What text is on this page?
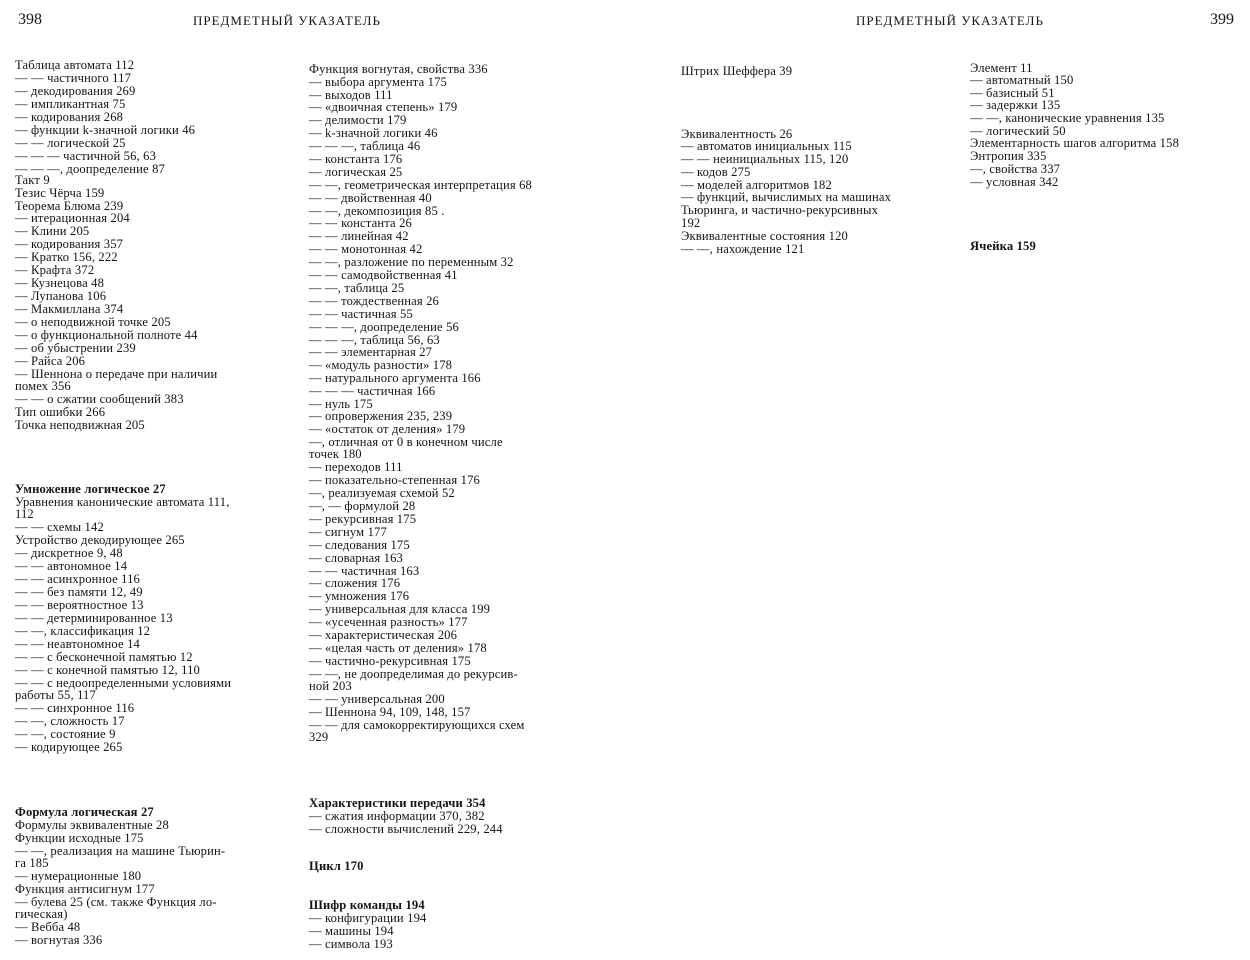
398	ПРЕДМЕТНЫЙ УКАЗАТЕЛЬ
Таблица автомата 112
— — частичного 117
— декодирования 269
— импликантная 75
— кодирования 268
— функции k-значной логики 46
— — логической 25
— — — частичной 56, 63
— — —, доопределение 87
Такт 9
Тезис Чёрча 159
Теорема Блюма 239
— итерационная 204
— Клини 205
— кодирования 357
— Кратко 156, 222
— Крафта 372
— Кузнецова 48
— Лупанова 106
— Макмиллана 374
— о неподвижной точке 205
— о функциональной полноте 44
— об убыстрении 239
— Райса 206
— Шеннона о передаче при наличии
помех 356
— — о сжатии сообщений 383
Тип ошибки 266
Точка неподвижная 205
Умножение логическое 27
Уравнения канонические автомата 111,
112
— — схемы 142
Устройство декодирующее 265
— дискретное 9, 48
— — автономное 14
— — асинхронное 116
— — без памяти 12, 49
— — вероятностное 13
— — детерминированное 13
— —, классификация 12
— — неавтономное 14
— — с бесконечной памятью 12
— — с конечной памятью 12, 110
— — с недоопределенными условиями
работы 55, 117
— — синхронное 116
— —, сложность 17
— —, состояние 9
— кодирующее 265
Формула логическая 27
Формулы эквивалентные 28
Функции исходные 175
— —, реализация на машине Тьюрин-
га 185
— нумерационные 180
Функция антисигнум 177
— булева 25 (см. также Функция ло-
гическая)
— Вебба 48
— вогнутая 336
Функция вогнутая, свойства 336
— выбора аргумента 175
— выходов 111
— «двоичная степень» 179
— делимости 179
— k-значной логики 46
— — —, таблица 46
— константа 176
— логическая 25
— —, геометрическая интерпретация 68
— — двойственная 40
— —, декомпозиция 85 .
— — константа 26
— — линейная 42
— — монотонная 42
— —, разложение по переменным 32
— — самодвойственная 41
— —, таблица 25
— — тождественная 26
— — частичная 55
— — —, доопределение 56
— — —, таблица 56, 63
— — элементарная 27
— «модуль разности» 178
— натурального аргумента 166
— — — частичная 166
— нуль 175
— опровержения 235, 239
— «остаток от деления» 179
—, отличная от 0 в конечном числе
точек 180
— переходов 111
— показательно-степенная 176
—, реализуемая схемой 52
—, — формулой 28
— рекурсивная 175
— сигнум 177
— следования 175
— словарная 163
— — частичная 163
— сложения 176
— умножения 176
— универсальная для класса 199
— «усеченная разность» 177
— характеристическая 206
— «целая часть от деления» 178
— частично-рекурсивная 175
— —, не доопределимая до рекурсив-
ной 203
— — универсальная 200
— Шеннона 94, 109, 148, 157
— — для самокорректирующихся схем
329
Характеристики передачи 354
— сжатия информации 370, 382
— сложности вычислений 229, 244
Цикл 170
Шифр команды 194
— конфигурации 194
— машины 194
— символа 193
399
ПРЕДМЕТНЫЙ УКАЗАТЕЛЬ
Штрих Шеффера 39
Эквивалентность 26
— автоматов инициальных 115
— — неинициальных 115, 120
— кодов 275
— моделей алгоритмов 182
— функций, вычислимых на машинах
Тьюринга, и частично-рекурсивных
192
Эквивалентные состояния 120
— —, нахождение 121
Элемент 11
— автоматный 150
— базисный 51
— задержки 135
— —, канонические уравнения 135
— логический 50
Элементарность шагов алгоритма 158
Энтропия 335
—, свойства 337
— условная 342
Ячейка 159
